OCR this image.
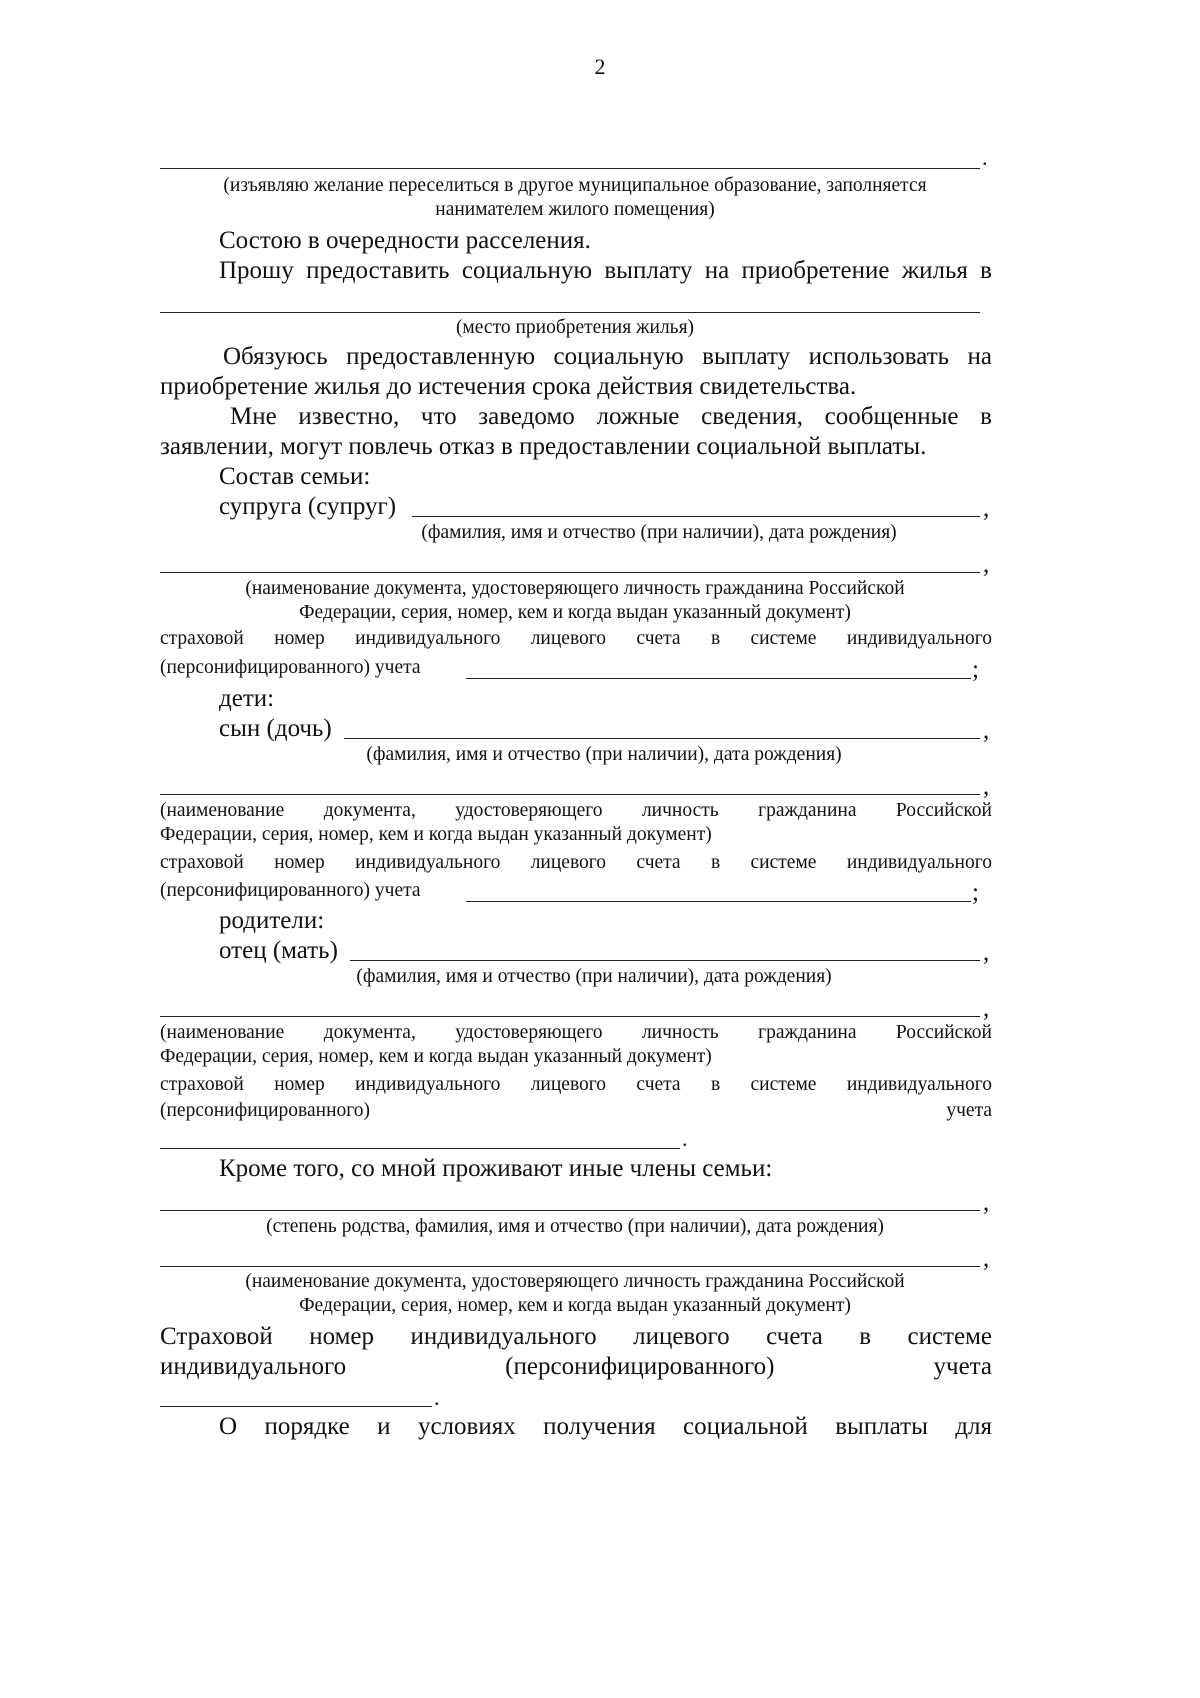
2
.
(изъявляю желание переселиться в другое муниципальное образование, заполняется
нанимателем жилого помещения)
Состою в очередности расселения.
Прошу предоставить социальную выплату на приобретение жилья в
(место приобретения жилья)
Обязуюсь предоставленную социальную выплату использовать на
приобретение жилья до истечения срока действия свидетельства.
Мне известно, что заведомо ложные сведения, сообщенные в
заявлении, могут повлечь отказ в предоставлении социальной выплаты.
Состав семьи:
супруга (супруг)	,
(фамилия, имя и отчество (при наличии), дата рождения)
,
(наименование документа, удостоверяющего личность гражданина Российской
Федерации, серия, номер, кем и когда выдан указанный документ)
страховой номер индивидуального лицевого счета в системе индивидуального
(персонифицированного) учета	;
дети:
сын (дочь)	,
(фамилия, имя и отчество (при наличии), дата рождения)
,
(наименование документа, удостоверяющего личность гражданина Российской
Федерации, серия, номер, кем и когда выдан указанный документ)
страховой номер индивидуального лицевого счета в системе индивидуального
(персонифицированного) учета	;
родители:
отец (мать)	,
(фамилия, имя и отчество (при наличии), дата рождения)
,
(наименование документа, удостоверяющего личность гражданина Российской
Федерации, серия, номер, кем и когда выдан указанный документ)
страховой номер индивидуального лицевого счета в системе индивидуального
(персонифицированного)	учета
.
Кроме того, со мной проживают иные члены семьи:
,
(степень родства, фамилия, имя и отчество (при наличии), дата рождения)
,
(наименование документа, удостоверяющего личность гражданина Российской
Федерации, серия, номер, кем и когда выдан указанный документ)
Страховой номер индивидуального лицевого счета в системе
индивидуального (персонифицированного) учета
.
О порядке и условиях получения социальной выплаты для
